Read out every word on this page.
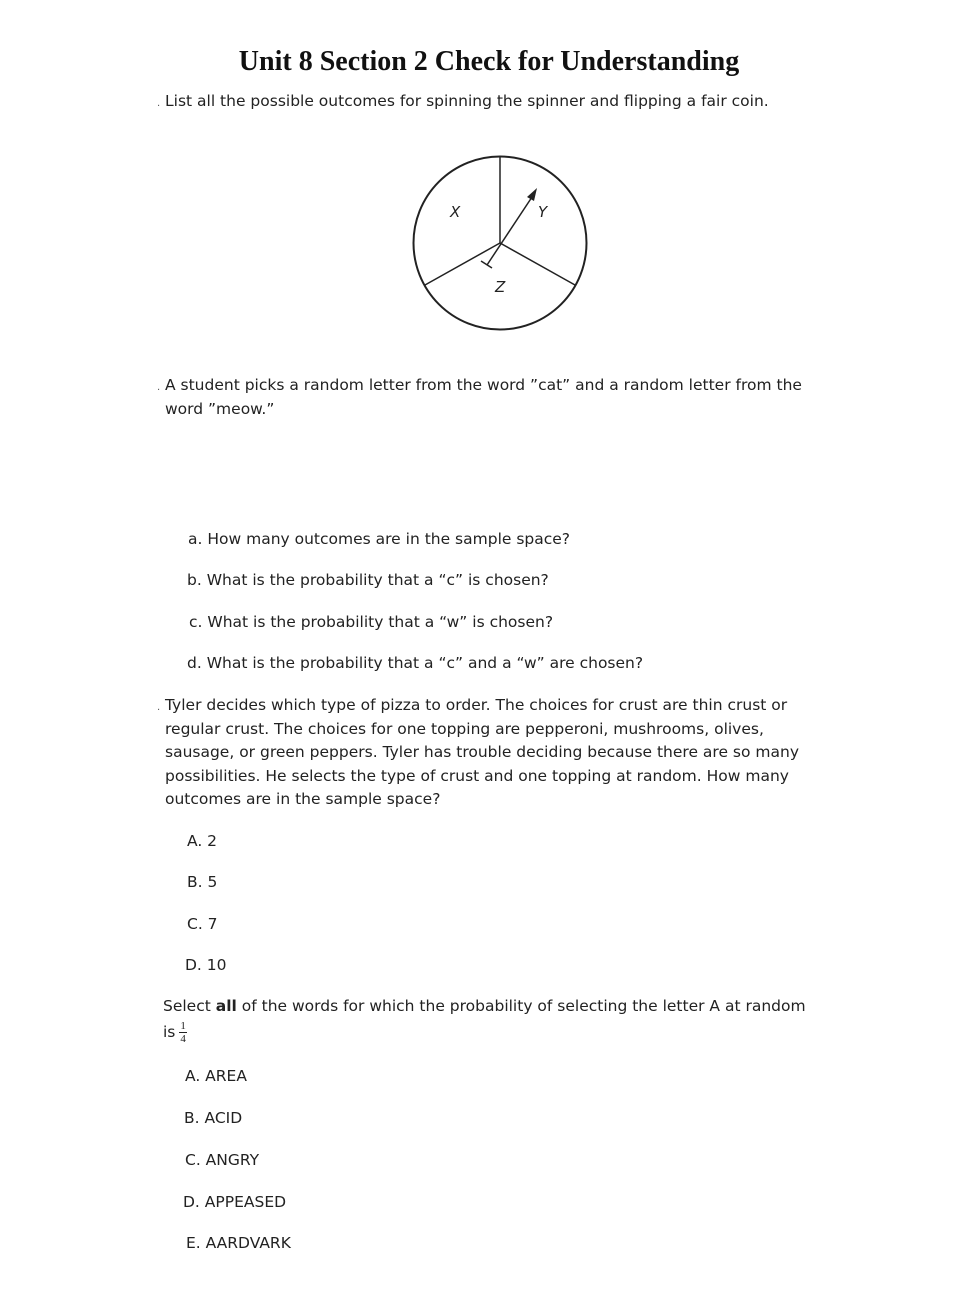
Unit 8 Section 2 Check for Understanding
. List all the possible outcomes for spinning the spinner and flipping a fair coin.
X	Y
Z
. A student picks a random letter from the word ”cat” and a random letter from the word ”meow.”
a. How many outcomes are in the sample space?
b. What is the probability that a “c” is chosen?
c. What is the probability that a “w” is chosen?
d. What is the probability that a “c” and a “w” are chosen?
. Tyler decides which type of pizza to order. The choices for crust are thin crust or regular crust. The choices for one topping are pepperoni, mushrooms, olives, sausage, or green peppers. Tyler has trouble deciding because there are so many possibilities. He selects the type of crust and one topping at random. How many outcomes are in the sample space?
A. 2
B. 5
C. 7
D. 10
Select all of the words for which the probability of selecting the letter A at random
is $\frac{1}{4}$
A. AREA
B. ACID
C. ANGRY
D. APPEASED
E. AARDVARK
